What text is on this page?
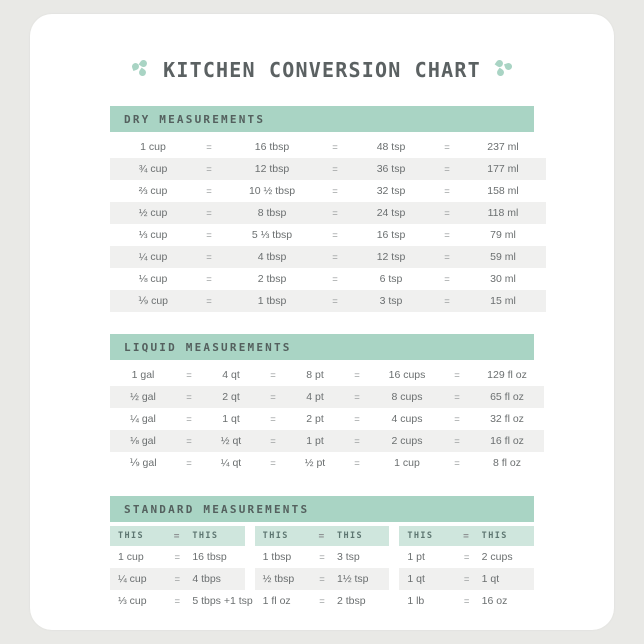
KITCHEN CONVERSION CHART
DRY MEASUREMENTS
1 cup	=	16 tbsp	=	48 tsp	=	237 ml
¾ cup	=	12 tbsp	=	36 tsp	=	177 ml
⅔ cup	=	10 ½ tbsp	=	32 tsp	=	158 ml
½ cup	=	8 tbsp	=	24 tsp	=	118 ml
⅓ cup	=	5 ⅓ tbsp	=	16 tsp	=	79 ml
¼ cup	=	4 tbsp	=	12 tsp	=	59 ml
⅛ cup	=	2 tbsp	=	6 tsp	=	30 ml
⅑ cup	=	1 tbsp	=	3 tsp	=	15 ml
LIQUID MEASUREMENTS
1 gal	=	4 qt	=	8 pt	=	16 cups	=	129 fl oz
½ gal	=	2 qt	=	4 pt	=	8 cups	=	65 fl oz
¼ gal	=	1 qt	=	2 pt	=	4 cups	=	32 fl oz
⅛ gal	=	½ qt	=	1 pt	=	2 cups	=	16 fl oz
⅑ gal	=	¼ qt	=	½ pt	=	1 cup	=	8 fl oz
STANDARD MEASUREMENTS
THIS	=	THIS
1 cup	=	16 tbsp
¼ cup	=	4 tbps
⅓ cup	=	5 tbps +1 tsp
THIS	=	THIS
1 tbsp	=	3 tsp
½ tbsp	=	1½ tsp
1 fl oz	=	2 tbsp
THIS	=	THIS
1 pt	=	2 cups
1 qt	=	1 qt
1 lb	=	16 oz
